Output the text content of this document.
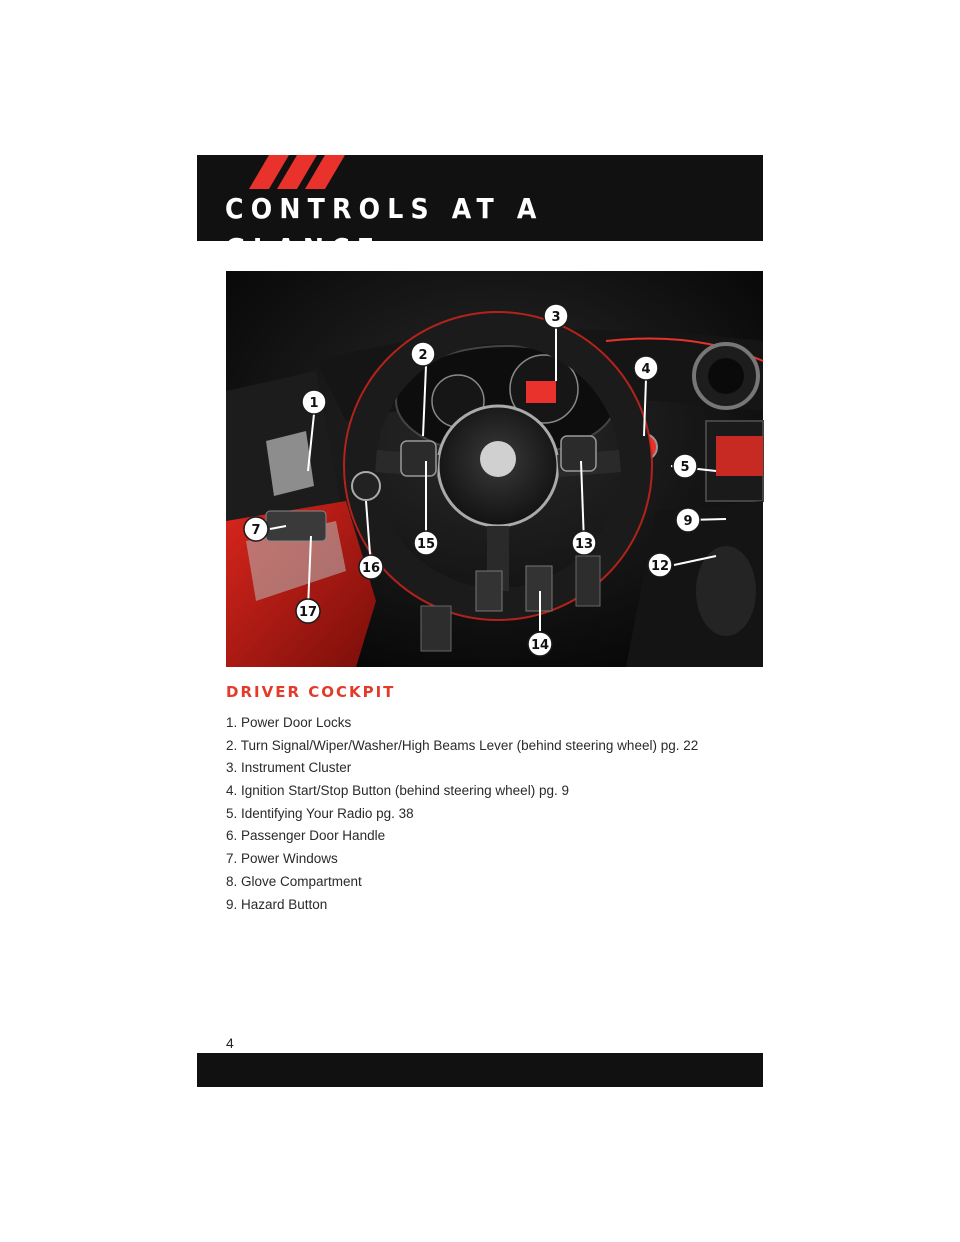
CONTROLS AT A GLANCE
1
2
3
4
5
9
12
13
14
15
16
17
7
DRIVER COCKPIT
1. Power Door Locks
2. Turn Signal/Wiper/Washer/High Beams Lever (behind steering wheel) pg. 22
3. Instrument Cluster
4. Ignition Start/Stop Button (behind steering wheel) pg. 9
5. Identifying Your Radio pg. 38
6. Passenger Door Handle
7. Power Windows
8. Glove Compartment
9. Hazard Button

4
